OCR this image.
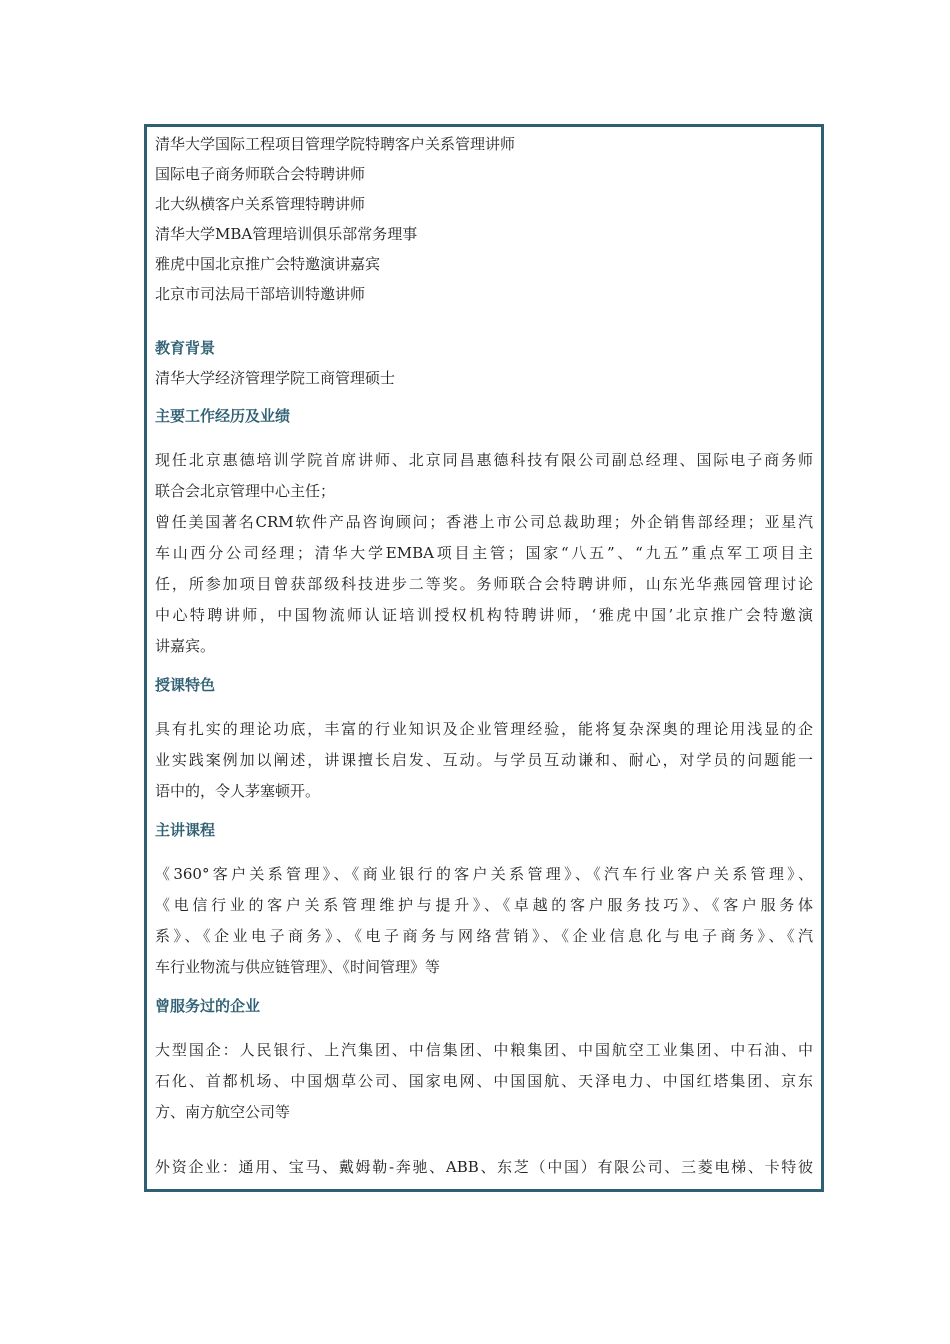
清华大学国际工程项目管理学院特聘客户关系管理讲师

国际电子商务师联合会特聘讲师

北大纵横客户关系管理特聘讲师

清华大学MBA管理培训俱乐部常务理事

雅虎中国北京推广会特邀演讲嘉宾

北京市司法局干部培训特邀讲师

教育背景

清华大学经济管理学院工商管理硕士

主要工作经历及业绩

现任北京惠德培训学院首席讲师、北京同昌惠德科技有限公司副总经理、国际电子商务师
联合会北京管理中心主任；
曾任美国著名CRM软件产品咨询顾问；香港上市公司总裁助理；外企销售部经理；亚星汽
车山西分公司经理；清华大学EMBA项目主管；国家“八五”、“九五”重点军工项目主
任，所参加项目曾获部级科技进步二等奖。务师联合会特聘讲师，山东光华燕园管理讨论
中心特聘讲师，中国物流师认证培训授权机构特聘讲师，‘雅虎中国’北京推广会特邀演
讲嘉宾。

授课特色

具有扎实的理论功底，丰富的行业知识及企业管理经验，能将复杂深奥的理论用浅显的企
业实践案例加以阐述，讲课擅长启发、互动。与学员互动谦和、耐心，对学员的问题能一
语中的，令人茅塞顿开。

主讲课程

《360°客户关系管理》、《商业银行的客户关系管理》、《汽车行业客户关系管理》、
《电信行业的客户关系管理维护与提升》、《卓越的客户服务技巧》、《客户服务体
系》、《企业电子商务》、《电子商务与网络营销》、《企业信息化与电子商务》、《汽
车行业物流与供应链管理》、《时间管理》等

曾服务过的企业

大型国企：人民银行、上汽集团、中信集团、中粮集团、中国航空工业集团、中石油、中
石化、首都机场、中国烟草公司、国家电网、中国国航、天泽电力、中国红塔集团、京东
方、南方航空公司等

外资企业：通用、宝马、戴姆勒-奔驰、ABB、东芝（中国）有限公司、三菱电梯、卡特彼
